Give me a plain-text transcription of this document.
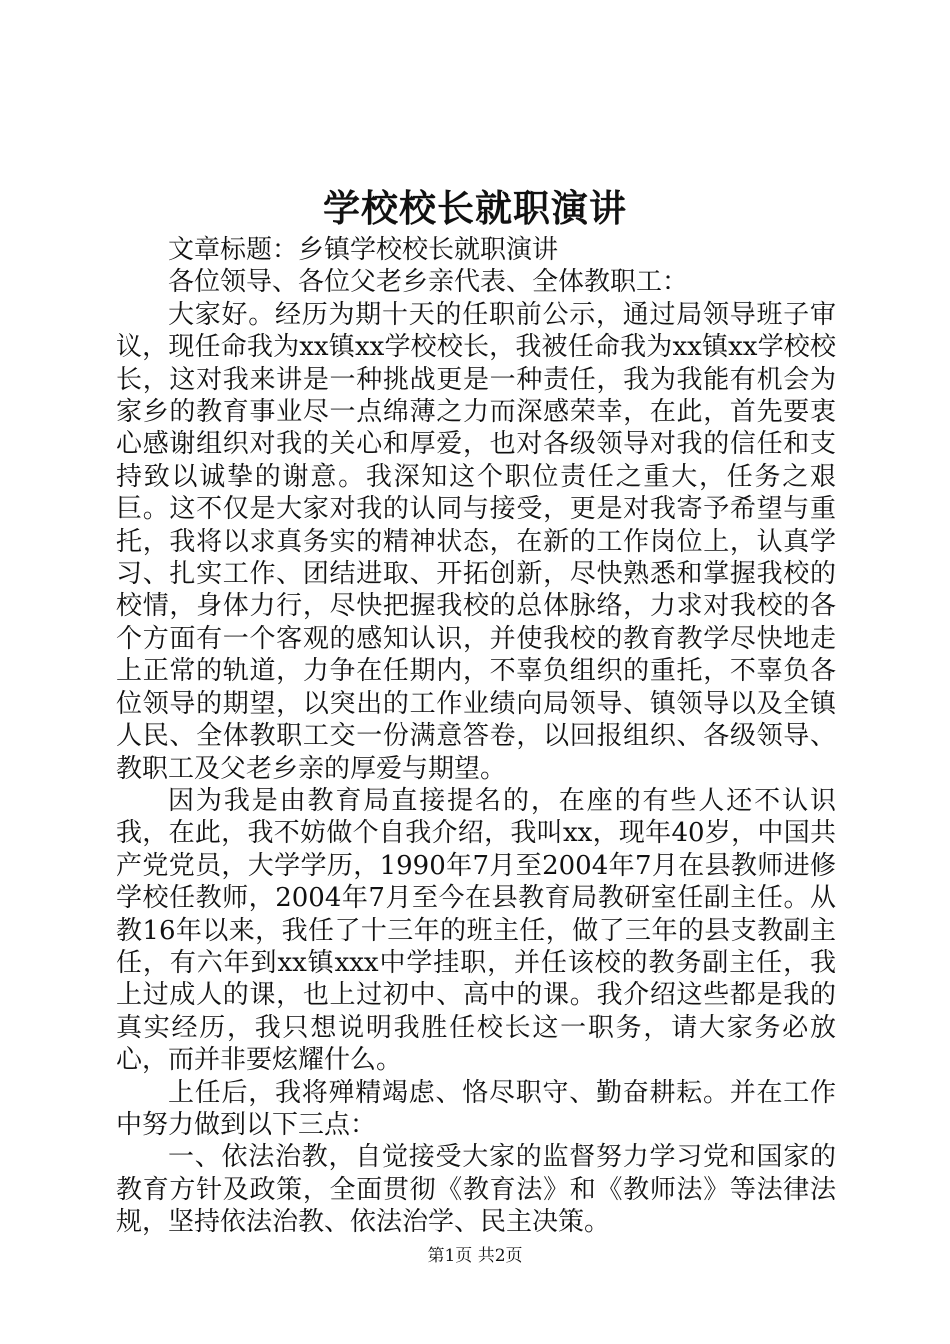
学校校长就职演讲

文章标题：乡镇学校校长就职演讲

各位领导、各位父老乡亲代表、全体教职工：

大家好。经历为期十天的任职前公示，通过局领导班子审议，现任命我为xx镇xx学校校长，我被任命我为xx镇xx学校校长，这对我来讲是一种挑战更是一种责任，我为我能有机会为家乡的教育事业尽一点绵薄之力而深感荣幸，在此，首先要衷心感谢组织对我的关心和厚爱，也对各级领导对我的信任和支持致以诚挚的谢意。我深知这个职位责任之重大，任务之艰巨。这不仅是大家对我的认同与接受，更是对我寄予希望与重托，我将以求真务实的精神状态，在新的工作岗位上，认真学习、扎实工作、团结进取、开拓创新，尽快熟悉和掌握我校的校情，身体力行，尽快把握我校的总体脉络，力求对我校的各个方面有一个客观的感知认识，并使我校的教育教学尽快地走上正常的轨道，力争在任期内，不辜负组织的重托，不辜负各位领导的期望，以突出的工作业绩向局领导、镇领导以及全镇人民、全体教职工交一份满意答卷，以回报组织、各级领导、教职工及父老乡亲的厚爱与期望。

因为我是由教育局直接提名的，在座的有些人还不认识我，在此，我不妨做个自我介绍，我叫xx，现年40岁，中国共产党党员，大学学历，1990年7月至2004年7月在县教师进修学校任教师，2004年7月至今在县教育局教研室任副主任。从教16年以来，我任了十三年的班主任，做了三年的县支教副主任，有六年到xx镇xxx中学挂职，并任该校的教务副主任，我上过成人的课，也上过初中、高中的课。我介绍这些都是我的真实经历，我只想说明我胜任校长这一职务，请大家务必放心，而并非要炫耀什么。

上任后，我将殚精竭虑、恪尽职守、勤奋耕耘。并在工作中努力做到以下三点：

一、依法治教，自觉接受大家的监督努力学习党和国家的教育方针及政策，全面贯彻《教育法》和《教师法》等法律法规，坚持依法治教、依法治学、民主决策。

第1页 共2页
